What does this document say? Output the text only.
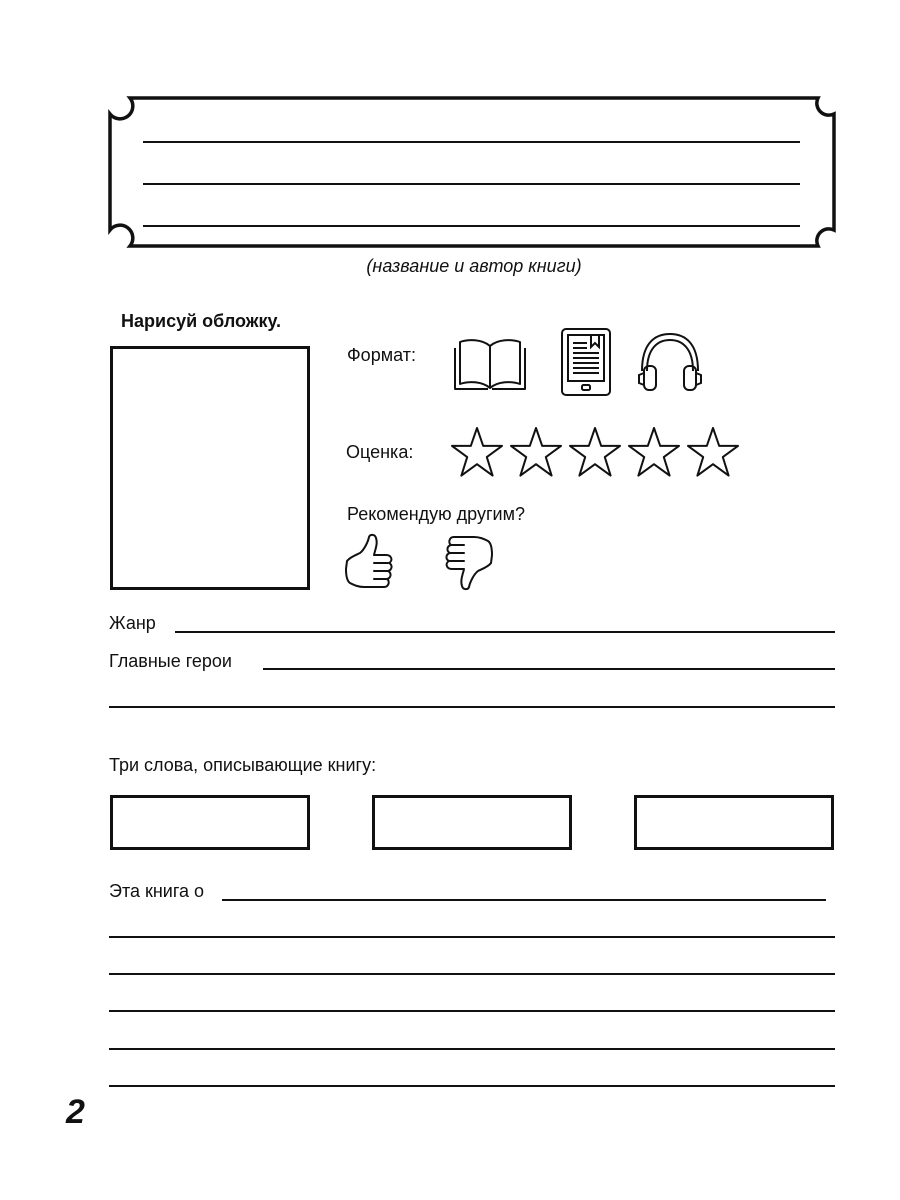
(название и автор книги)
Нарисуй обложку.
Формат:
Оценка:
Рекомендую другим?
Жанр
Главные герои
Три слова, описывающие книгу:
Эта книга о
2
